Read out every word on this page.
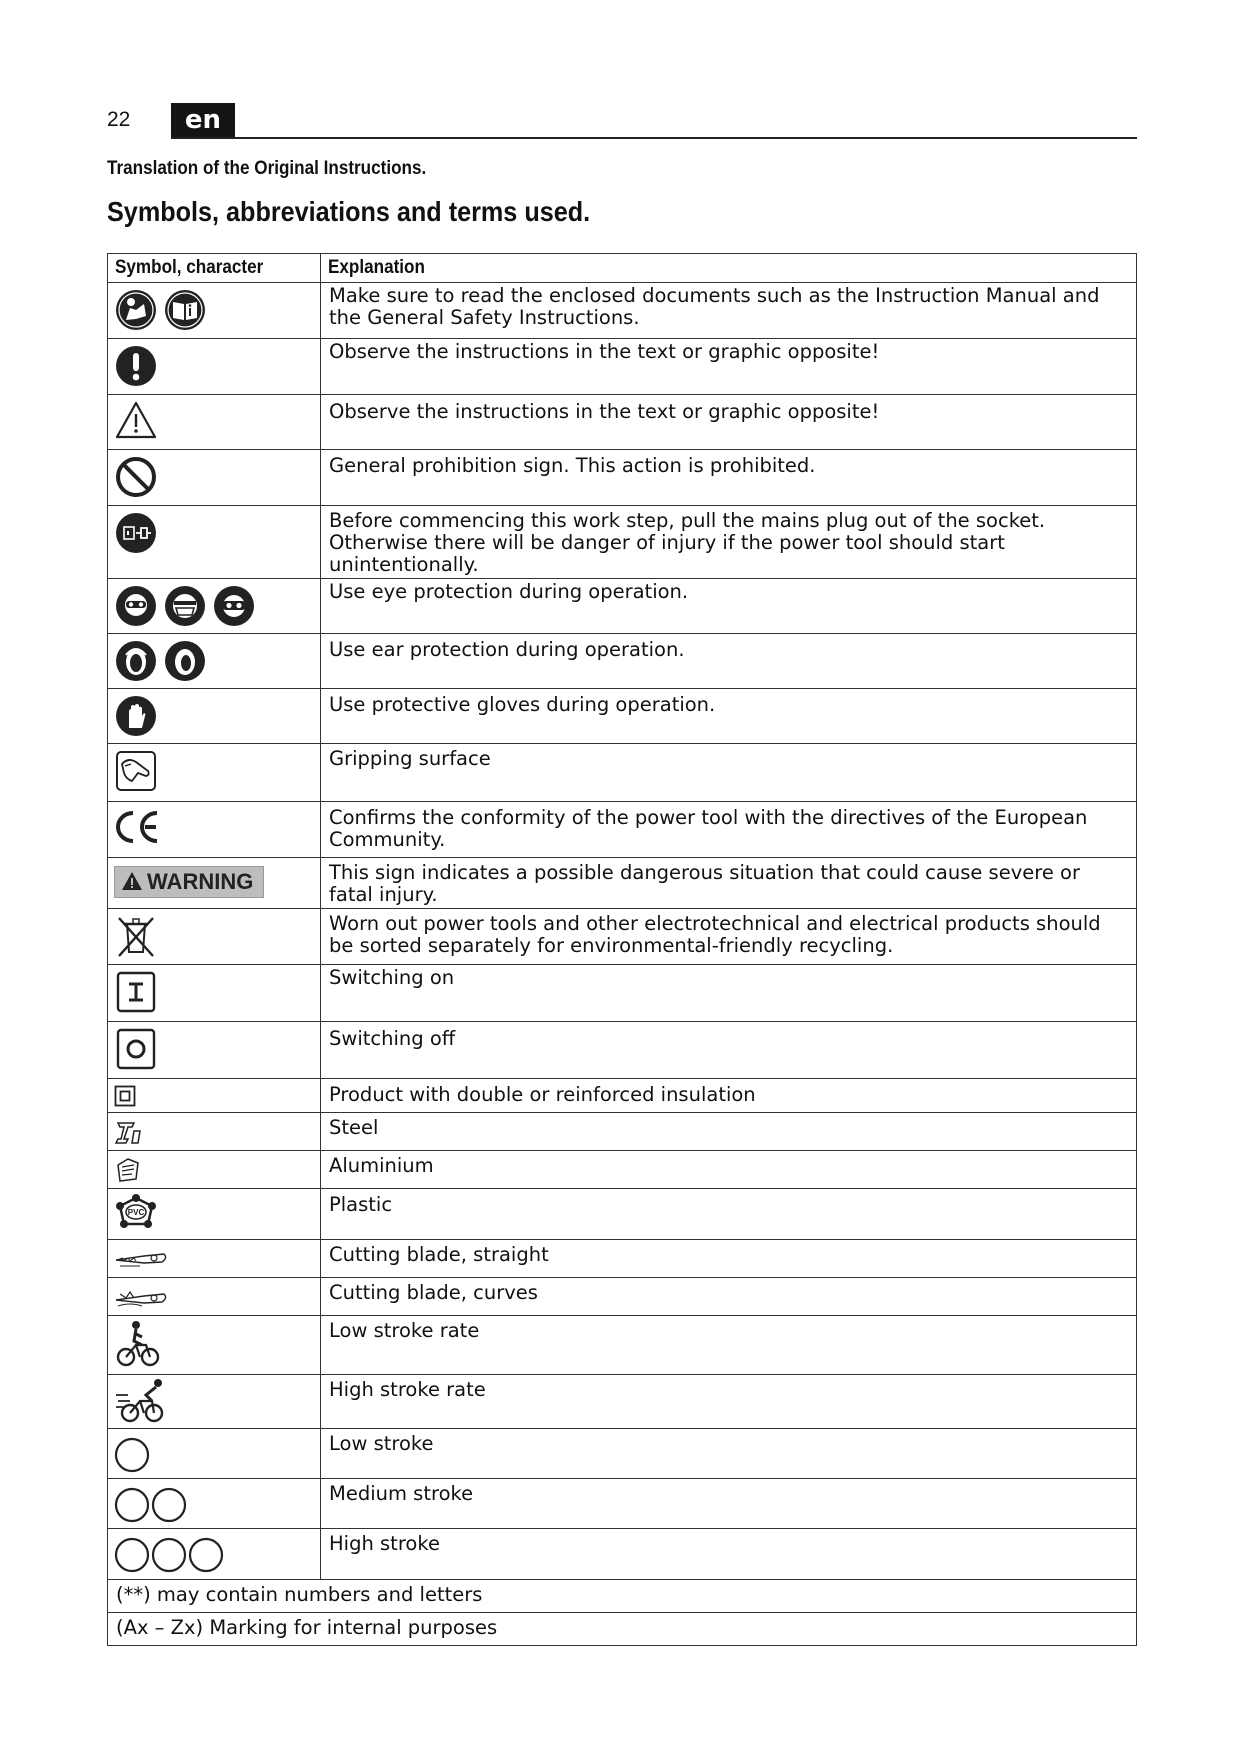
22	en
Translation of the Original Instructions.
Symbols, abbreviations and terms used.
Symbol, character	Explanation

	Make sure to read the enclosed documents such as the Instruction Manual and the General Safety Instructions.

	Observe the instructions in the text or graphic opposite!

	Observe the instructions in the text or graphic opposite!

	General prohibition sign. This action is prohibited.

	Before commencing this work step, pull the mains plug out of the socket. Otherwise there will be danger of injury if the power tool should start unintentionally.

	Use eye protection during operation.

	Use ear protection during operation.

	Use protective gloves during operation.

	Gripping surface

	Confirms the conformity of the power tool with the directives of the European Community.
WARNING	This sign indicates a possible dangerous situation that could cause severe or fatal injury.

	Worn out power tools and other electrotechnical and electrical products should be sorted separately for environmental-friendly recycling.

	Switching on

	Switching off

	Product with double or reinforced insulation

	Steel

	Aluminium

PVC	Plastic

	Cutting blade, straight

	Cutting blade, curves

	Low stroke rate

	High stroke rate

	Low stroke

	Medium stroke

	High stroke
(**) may contain numbers and letters	
(Ax – Zx) Marking for internal purposes	
